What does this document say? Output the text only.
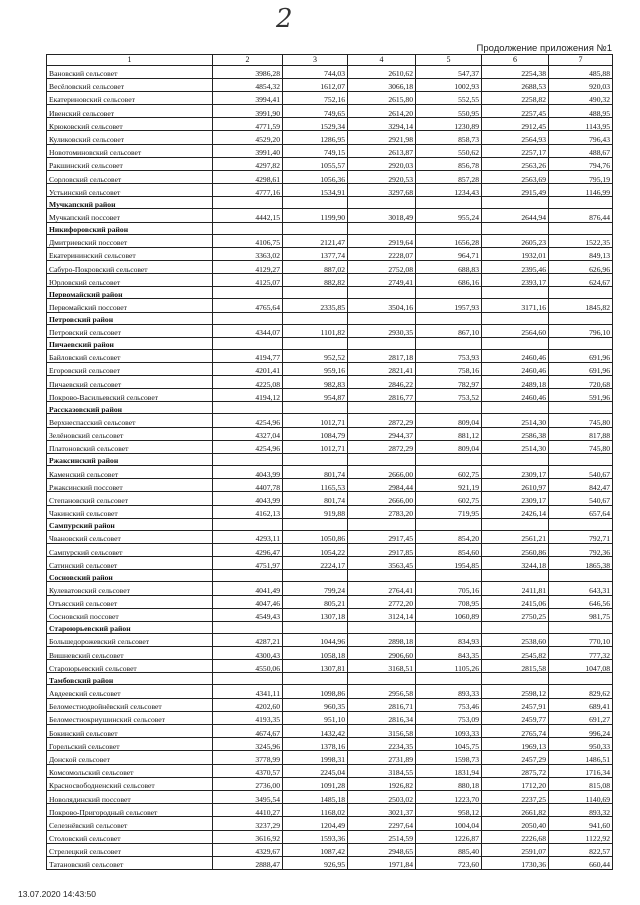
2
Продолжение приложения №1
1	2	3	4	5	6	7
Вановский сельсовет	3986,28	744,03	2610,62	547,37	2254,38	485,88
Весёловский сельсовет	4854,32	1612,07	3066,18	1002,93	2688,53	920,03
Екатериновский сельсовет	3994,41	752,16	2615,80	552,55	2258,82	490,32
Ивенский сельсовет	3991,90	749,65	2614,20	550,95	2257,45	488,95
Крюковский сельсовет	4771,59	1529,34	3294,14	1230,89	2912,45	1143,95
Куликовский сельсовет	4529,20	1286,95	2921,98	858,73	2564,93	796,43
Новотоминовский сельсовет	3991,40	749,15	2613,87	550,62	2257,17	488,67
Ракшинский сельсовет	4297,82	1055,57	2920,03	856,78	2563,26	794,76
Сорловский сельсовет	4298,61	1056,36	2920,53	857,28	2563,69	795,19
Устьинский сельсовет	4777,16	1534,91	3297,68	1234,43	2915,49	1146,99
Мучкапский район						
Мучкапский поссовет	4442,15	1199,90	3018,49	955,24	2644,94	876,44
Никифоровский район						
Дмитриевский поссовет	4106,75	2121,47	2919,64	1656,28	2605,23	1522,35
Екатерининский сельсовет	3363,02	1377,74	2228,07	964,71	1932,01	849,13
Сабуро-Покровский сельсовет	4129,27	887,02	2752,08	688,83	2395,46	626,96
Юрловский сельсовет	4125,07	882,82	2749,41	686,16	2393,17	624,67
Первомайский район						
Первомайский поссовет	4765,64	2335,85	3504,16	1957,93	3171,16	1845,82
Петровский район						
Петровский сельсовет	4344,07	1101,82	2930,35	867,10	2564,60	796,10
Пичаевский район						
Байловский сельсовет	4194,77	952,52	2817,18	753,93	2460,46	691,96
Егоровский сельсовет	4201,41	959,16	2821,41	758,16	2460,46	691,96
Пичаевский сельсовет	4225,08	982,83	2846,22	782,97	2489,18	720,68
Покрово-Васильевский сельсовет	4194,12	954,87	2816,77	753,52	2460,46	591,96
Рассказовский район						
Верхнеспасский сельсовет	4254,96	1012,71	2872,29	809,04	2514,30	745,80
Зелёновский сельсовет	4327,04	1084,79	2944,37	881,12	2586,38	817,88
Платоновский сельсовет	4254,96	1012,71	2872,29	809,04	2514,30	745,80
Ржаксинский район						
Каменский сельсовет	4043,99	801,74	2666,00	602,75	2309,17	540,67
Ржаксинский поссовет	4407,78	1165,53	2984,44	921,19	2610,97	842,47
Степановский сельсовет	4043,99	801,74	2666,00	602,75	2309,17	540,67
Чакинский сельсовет	4162,13	919,88	2783,20	719,95	2426,14	657,64
Сампурский район						
Чвановский сельсовет	4293,11	1050,86	2917,45	854,20	2561,21	792,71
Сампурский сельсовет	4296,47	1054,22	2917,85	854,60	2560,86	792,36
Сатинский сельсовет	4751,97	2224,17	3563,45	1954,85	3244,18	1865,38
Сосновский район						
Кулеватовский сельсовет	4041,49	799,24	2764,41	705,16	2411,81	643,31
Отъясский сельсовет	4047,46	805,21	2772,20	708,95	2415,06	646,56
Сосновский поссовет	4549,43	1307,18	3124,14	1060,89	2750,25	981,75
Староюрьевский район						
Большедорожевский сельсовет	4287,21	1044,96	2898,18	834,93	2538,60	770,10
Вишневский сельсовет	4300,43	1058,18	2906,60	843,35	2545,82	777,32
Староюрьевский сельсовет	4550,06	1307,81	3168,51	1105,26	2815,58	1047,08
Тамбовский район						
Авдеевский сельсовет	4341,11	1098,86	2956,58	893,33	2598,12	829,62
Беломестнодвойнёвский сельсовет	4202,60	960,35	2816,71	753,46	2457,91	689,41
Беломестнокриушинский сельсовет	4193,35	951,10	2816,34	753,09	2459,77	691,27
Бокинский сельсовет	4674,67	1432,42	3156,58	1093,33	2765,74	996,24
Горельский сельсовет	3245,96	1378,16	2234,35	1045,75	1969,13	950,33
Донской сельсовет	3778,99	1998,31	2731,89	1598,73	2457,29	1486,51
Комсомольский сельсовет	4370,57	2245,04	3184,55	1831,94	2875,72	1716,34
Красносвободненский сельсовет	2736,00	1091,28	1926,82	880,18	1712,20	815,08
Новолядинский поссовет	3495,54	1485,18	2503,02	1223,70	2237,25	1140,69
Покрово-Пригородный сельсовет	4410,27	1168,02	3021,37	958,12	2661,82	893,32
Селезнёвский сельсовет	3237,29	1204,49	2297,64	1004,04	2050,40	941,60
Столовский сельсовет	3616,92	1593,36	2514,59	1226,87	2226,68	1122,92
Стрелецкий сельсовет	4329,67	1087,42	2948,65	885,40	2591,07	822,57
Татановский сельсовет	2888,47	926,95	1971,84	723,60	1730,36	660,44
13.07.2020 14:43:50
